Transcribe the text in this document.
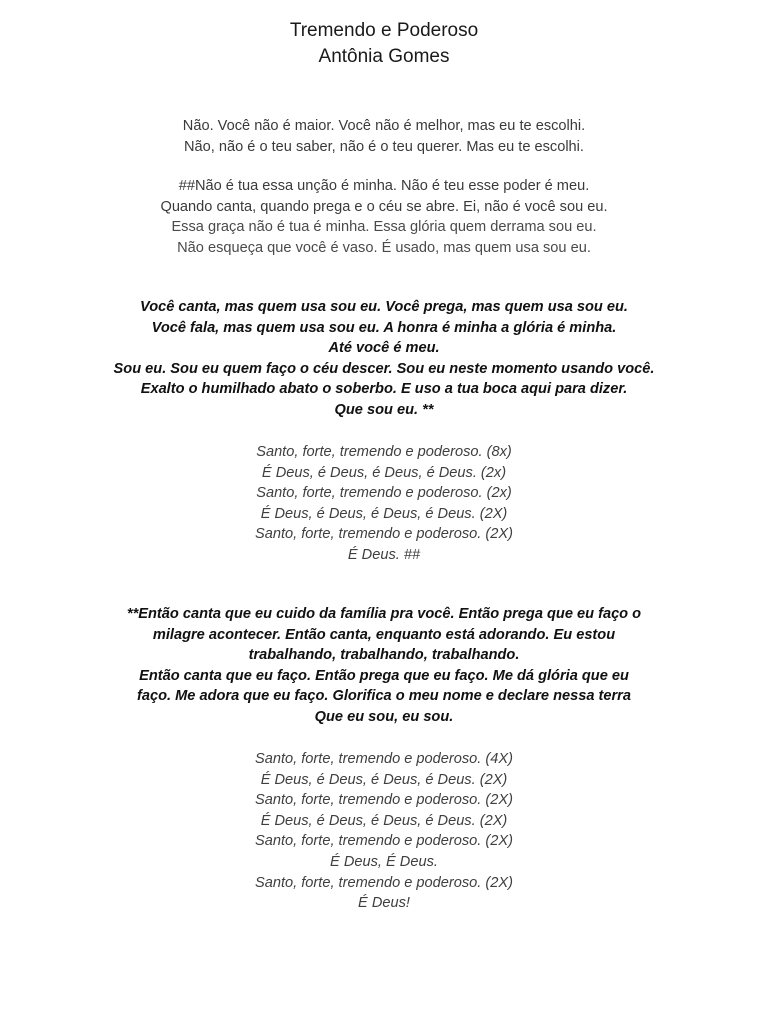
Tremendo e Poderoso
Antônia Gomes
Não. Você não é maior. Você não é melhor, mas eu te escolhi.
Não, não é o teu saber, não é o teu querer. Mas eu te escolhi.
##Não é tua essa unção é minha. Não é teu esse poder é meu.
Quando canta, quando prega e o céu se abre. Ei, não é você sou eu.
Essa graça não é tua é minha. Essa glória quem derrama sou eu.
Não esqueça que você é vaso. É usado, mas quem usa sou eu.
Você canta, mas quem usa sou eu. Você prega, mas quem usa sou eu.
Você fala, mas quem usa sou eu. A honra é minha a glória é minha.
Até você é meu.
Sou eu. Sou eu quem faço o céu descer. Sou eu neste momento usando você.
Exalto o humilhado abato o soberbo. E uso a tua boca aqui para dizer.
Que sou eu. **
Santo, forte, tremendo e poderoso. (8x)
É Deus, é Deus, é Deus, é Deus. (2x)
Santo, forte, tremendo e poderoso. (2x)
É Deus, é Deus, é Deus, é Deus. (2X)
Santo, forte, tremendo e poderoso. (2X)
É Deus. ##
**Então canta que eu cuido da família pra você. Então prega que eu faço o
milagre acontecer. Então canta, enquanto está adorando. Eu estou
trabalhando, trabalhando, trabalhando.
Então canta que eu faço. Então prega que eu faço. Me dá glória que eu
faço. Me adora que eu faço. Glorifica o meu nome e declare nessa terra
Que eu sou, eu sou.
Santo, forte, tremendo e poderoso. (4X)
É Deus, é Deus, é Deus, é Deus. (2X)
Santo, forte, tremendo e poderoso. (2X)
É Deus, é Deus, é Deus, é Deus. (2X)
Santo, forte, tremendo e poderoso. (2X)
É Deus, É Deus.
Santo, forte, tremendo e poderoso. (2X)
É Deus!
